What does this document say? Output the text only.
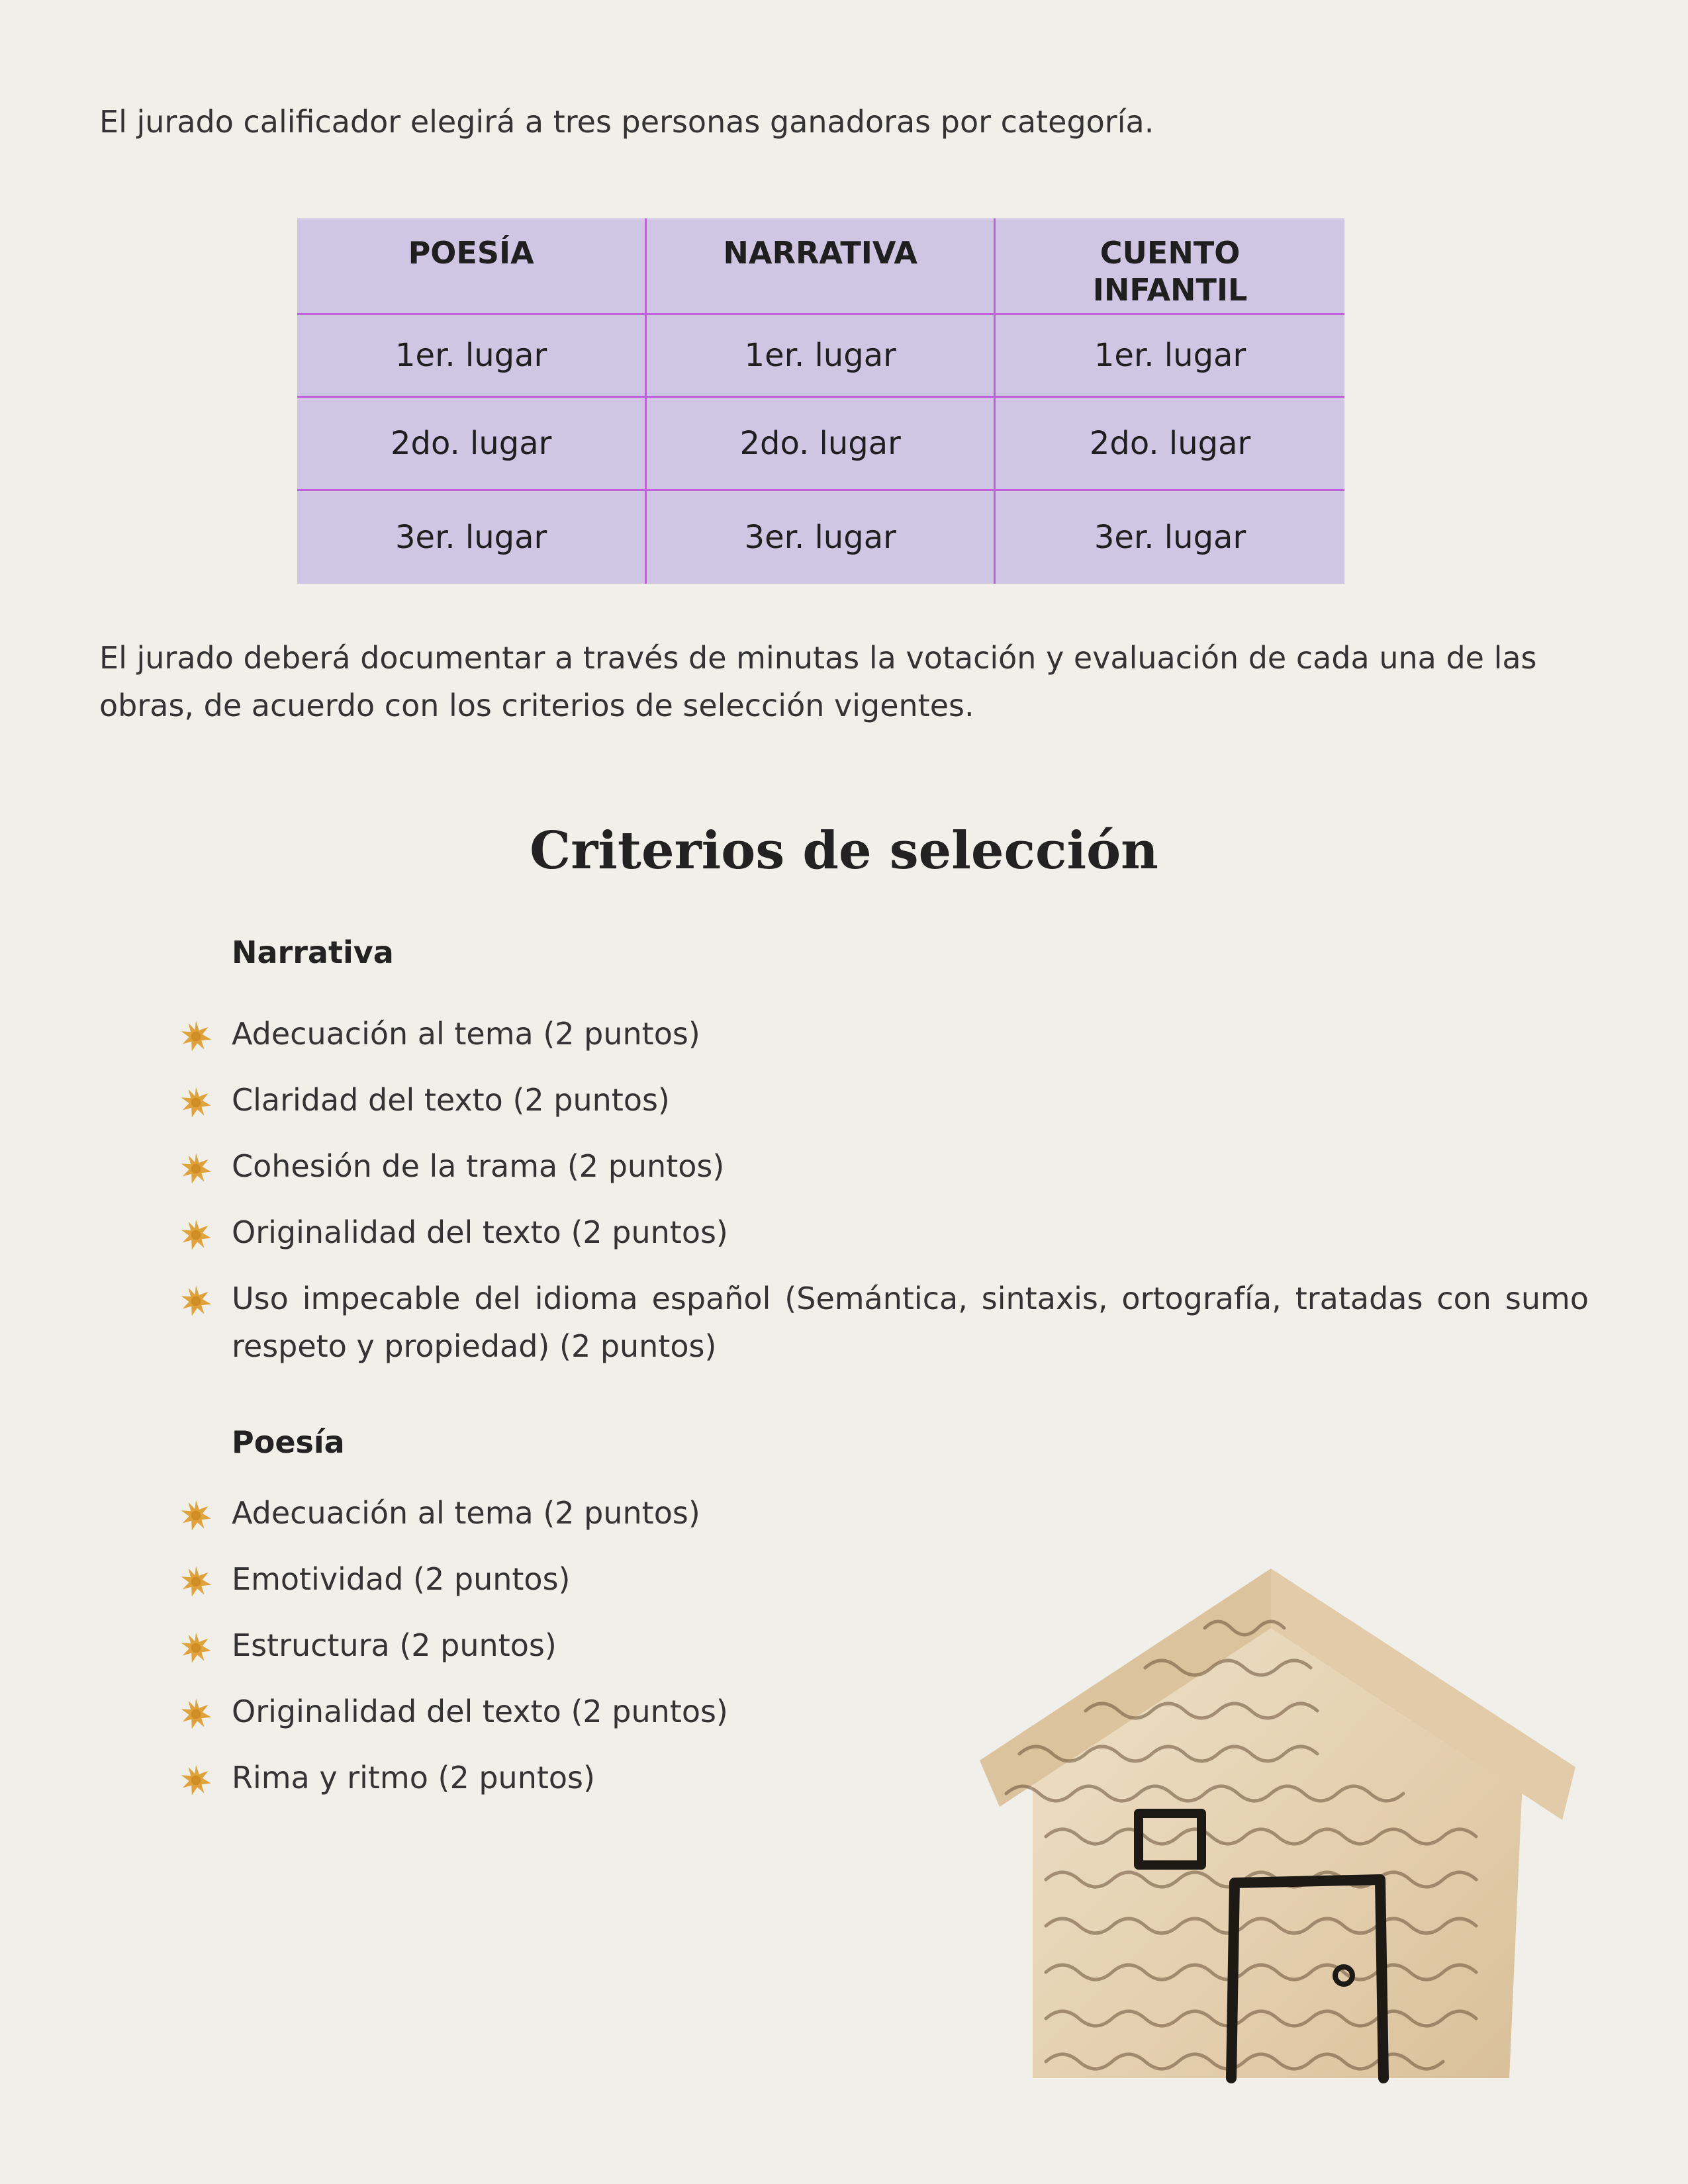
El jurado calificador elegirá a tres personas ganadoras por categoría.

POESÍA	NARRATIVA	CUENTO INFANTIL
1er. lugar	1er. lugar	1er. lugar
2do. lugar	2do. lugar	2do. lugar
3er. lugar	3er. lugar	3er. lugar

El jurado deberá documentar a través de minutas la votación y evaluación de cada una de las obras, de acuerdo con los criterios de selección vigentes.

Criterios de selección
Narrativa
Adecuación al tema (2 puntos)
Claridad del texto (2 puntos)
Cohesión de la trama (2 puntos)
Originalidad del texto (2 puntos)
Uso impecable del idioma español (Semántica, sintaxis, ortografía, tratadas con sumo respeto y propiedad) (2 puntos)
Poesía
Adecuación al tema (2 puntos)
Emotividad (2 puntos)
Estructura (2 puntos)
Originalidad del texto (2 puntos)
Rima y ritmo (2 puntos)
